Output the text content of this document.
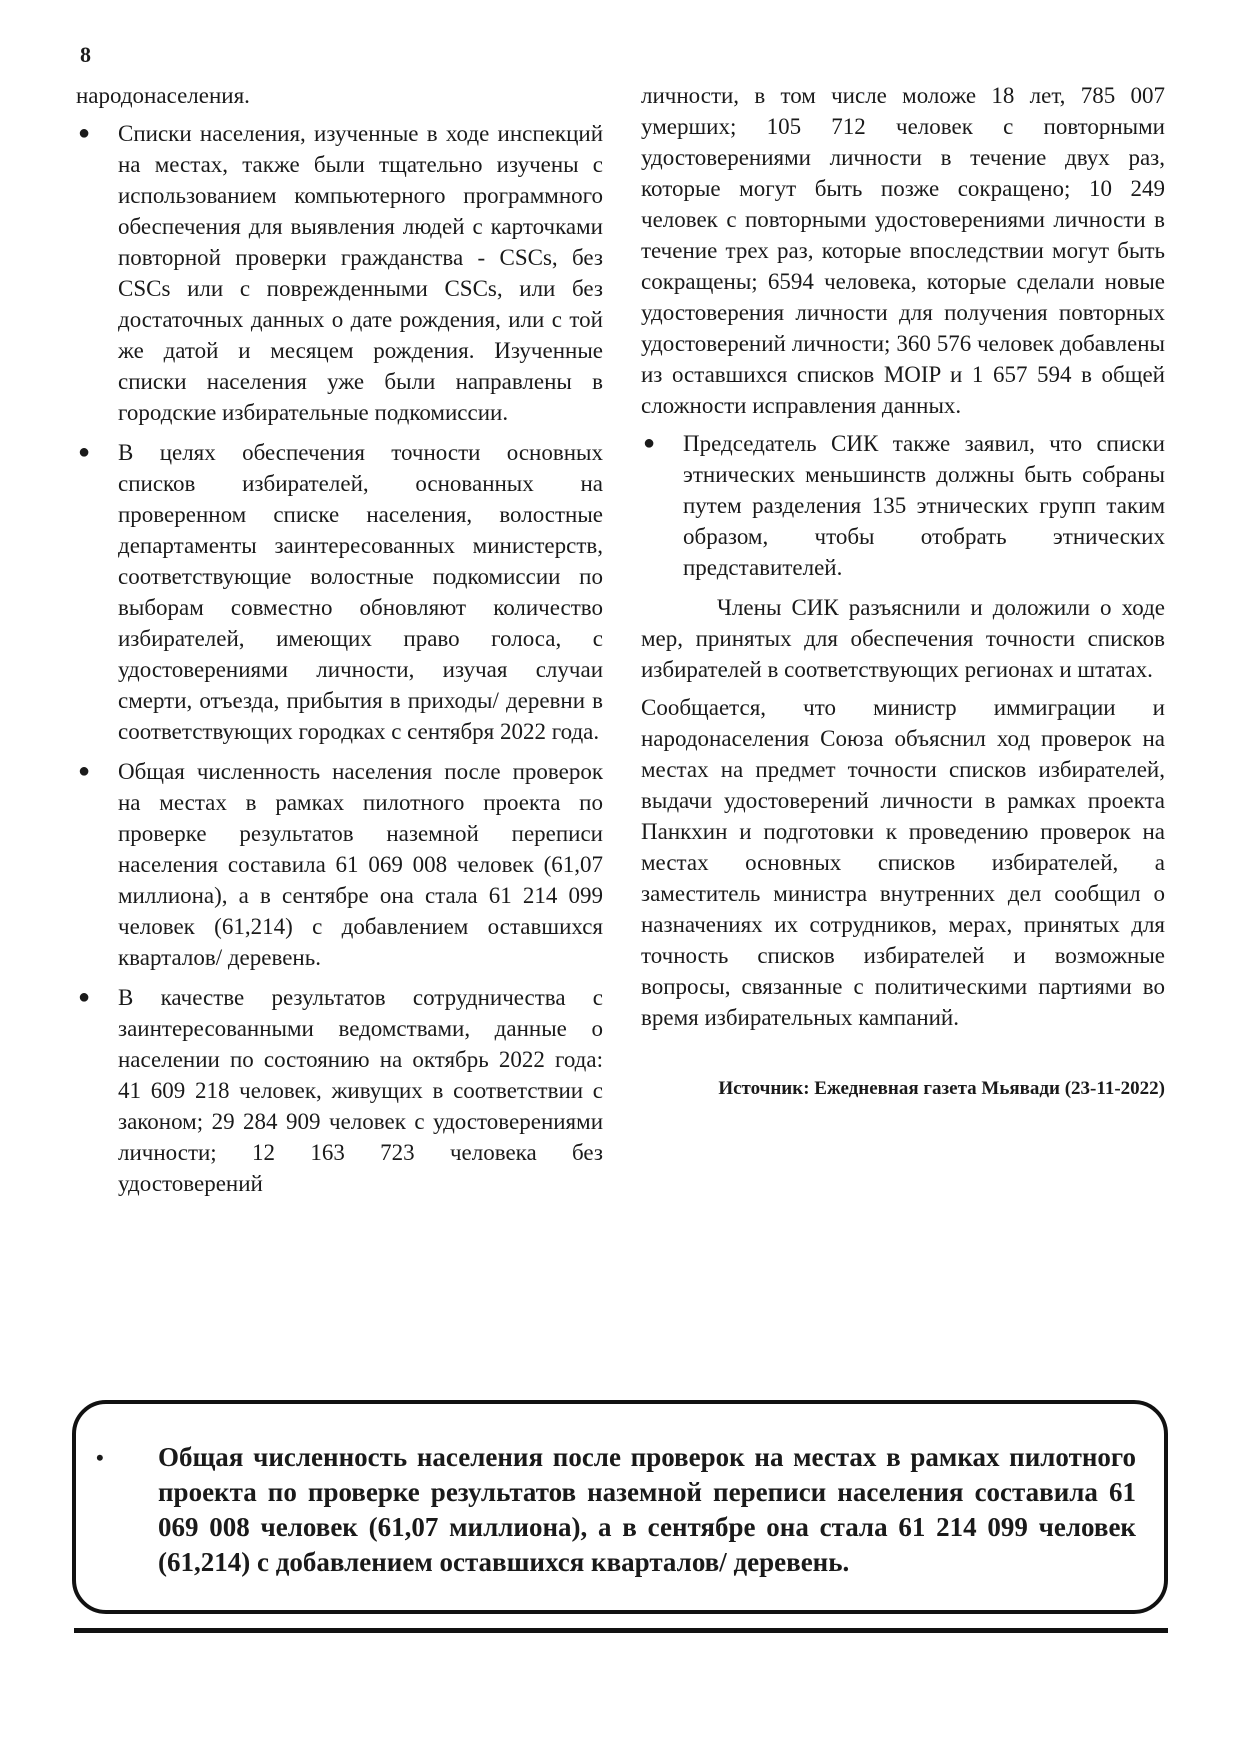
8

народонаселения.

● Списки населения, изученные в ходе инспекций на местах, также были тщательно изучены с использованием компьютерного программного обеспечения для выявления людей с карточками повторной проверки гражданства - CSCs, без CSCs или с поврежденными CSCs, или без достаточных данных о дате рождения, или с той же датой и месяцем рождения. Изученные списки населения уже были направлены в городские избирательные подкомиссии.
● В целях обеспечения точности основных списков избирателей, основанных на проверенном списке населения, волостные департаменты заинтересованных министерств, соответствующие волостные подкомиссии по выборам совместно обновляют количество избирателей, имеющих право голоса, с удостоверениями личности, изучая случаи смерти, отъезда, прибытия в приходы/ деревни в соответствующих городках с сентября 2022 года.
● Общая численность населения после проверок на местах в рамках пилотного проекта по проверке результатов наземной переписи населения составила 61 069 008 человек (61,07 миллиона), а в сентябре она стала 61 214 099 человек (61,214) с добавлением оставшихся кварталов/ деревень.
● В качестве результатов сотрудничества с заинтересованными ведомствами, данные о населении по состоянию на октябрь 2022 года: 41 609 218 человек, живущих в соответствии с законом; 29 284 909 человек с удостоверениями личности; 12 163 723 человека без удостоверений

личности, в том числе моложе 18 лет, 785 007 умерших; 105 712 человек с повторными удостоверениями личности в течение двух раз, которые могут быть позже сокращено; 10 249 человек с повторными удостоверениями личности в течение трех раз, которые впоследствии могут быть сокращены; 6594 человека, которые сделали новые удостоверения личности для получения повторных удостоверений личности; 360 576 человек добавлены из оставшихся списков MOIP и 1 657 594 в общей сложности исправления данных.

● Председатель СИК также заявил, что списки этнических меньшинств должны быть собраны путем разделения 135 этнических групп таким образом, чтобы отобрать этнических представителей.

Члены СИК разъяснили и доложили о ходе мер, принятых для обеспечения точности списков избирателей в соответствующих регионах и штатах.

Сообщается, что министр иммиграции и народонаселения Союза объяснил ход проверок на местах на предмет точности списков избирателей, выдачи удостоверений личности в рамках проекта Панкхин и подготовки к проведению проверок на местах основных списков избирателей, а заместитель министра внутренних дел сообщил о назначениях их сотрудников, мерах, принятых для точность списков избирателей и возможные вопросы, связанные с политическими партиями во время избирательных кампаний.

Источник: Ежедневная газета Мьявади (23-11-2022)
•	Общая численность населения после проверок на местах в рамках пилотного проекта по проверке результатов наземной переписи населения составила 61 069 008 человек (61,07 миллиона), а в сентябре она стала 61 214 099 человек (61,214) с добавлением оставшихся кварталов/ деревень.
